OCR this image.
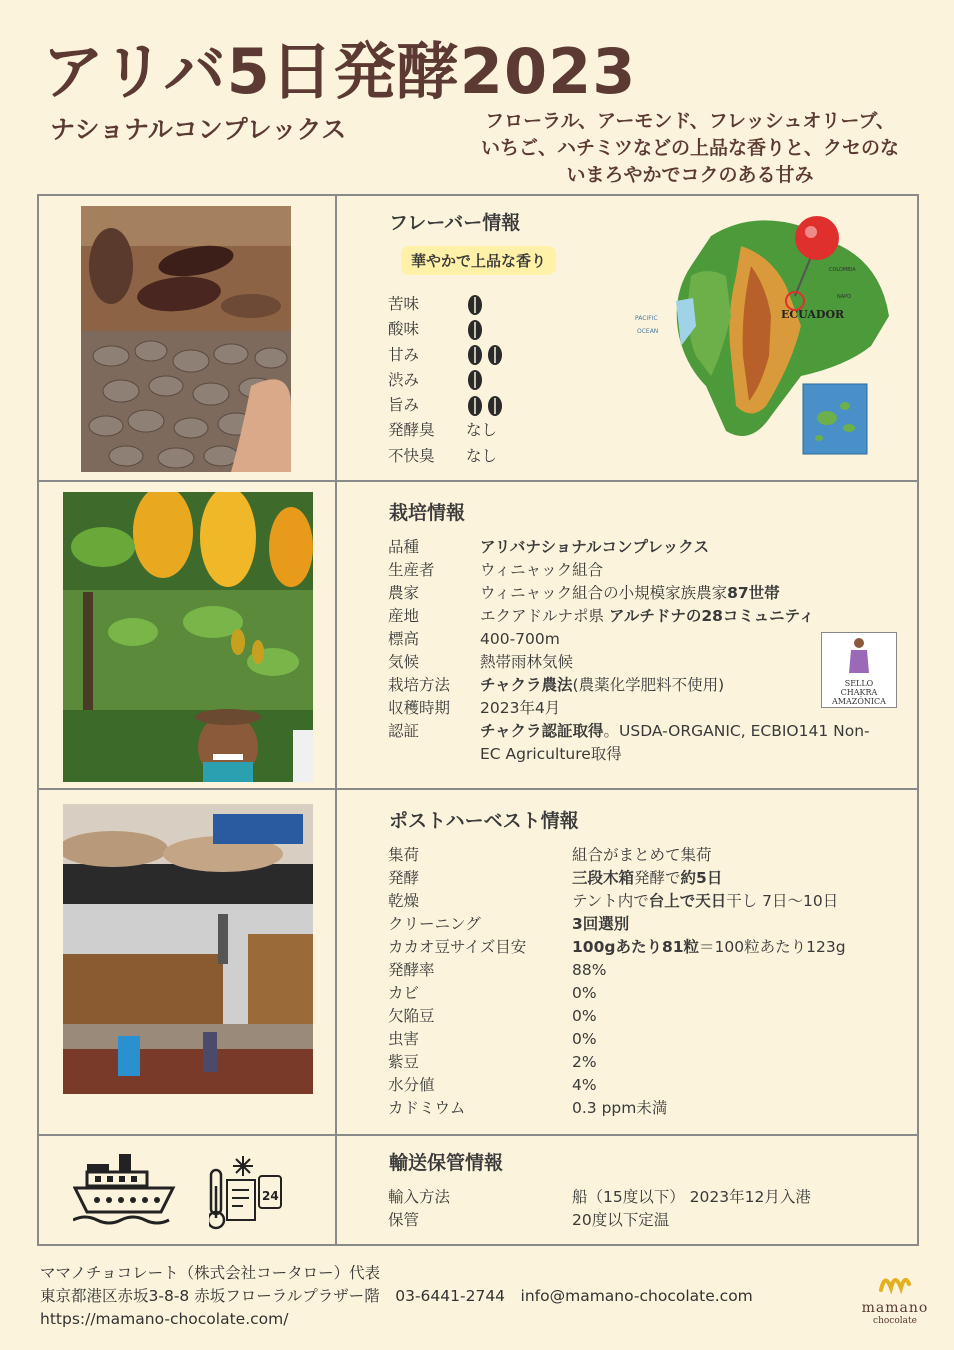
アリバ5日発酵2023
ナショナルコンプレックス	フローラル、アーモンド、フレッシュオリーブ、
いちご、ハチミツなどの上品な香りと、クセのな
いまろやかでコクのある甘み
フレーバー情報
華やかで上品な香り
苦味
酸味
甘み
渋み
旨み
発酵臭	なし
不快臭	なし
PACIFIC
OCEAN
COLOMBIA
NAPO
ECUADOR
栽培情報
品種	アリバナショナルコンプレックス
生産者	ウィニャック組合
農家	ウィニャック組合の小規模家族農家87世帯
産地	エクアドルナポ県 アルチドナの28コミュニティ
標高	400-700m
気候	熱帯雨林気候
栽培方法	チャクラ農法(農薬化学肥料不使用)
収穫時期	2023年4月
認証	チャクラ認証取得。USDA-ORGANIC, ECBIO141 Non-EC Agriculture取得
SELLO
CHAKRA
AMAZÓNICA
ポストハーベスト情報
集荷	組合がまとめて集荷
発酵	三段木箱発酵で約5日
乾燥	テント内で台上で天日干し 7日〜10日
クリーニング	3回選別
カカオ豆サイズ目安	100gあたり81粒＝100粒あたり123g
発酵率	88%
カビ	0%
欠陥豆	0%
虫害	0%
紫豆	2%
水分値	4%
カドミウム	0.3 ppm未満
24
輸送保管情報
輸入方法	船（15度以下） 2023年12月入港
保管	20度以下定温
ママノチョコレート（株式会社コータロー）代表
東京都港区赤坂3-8-8 赤坂フローラルプラザー階　03-6441-2744　info@mamano-chocolate.com
https://mamano-chocolate.com/
mamano
chocolate
